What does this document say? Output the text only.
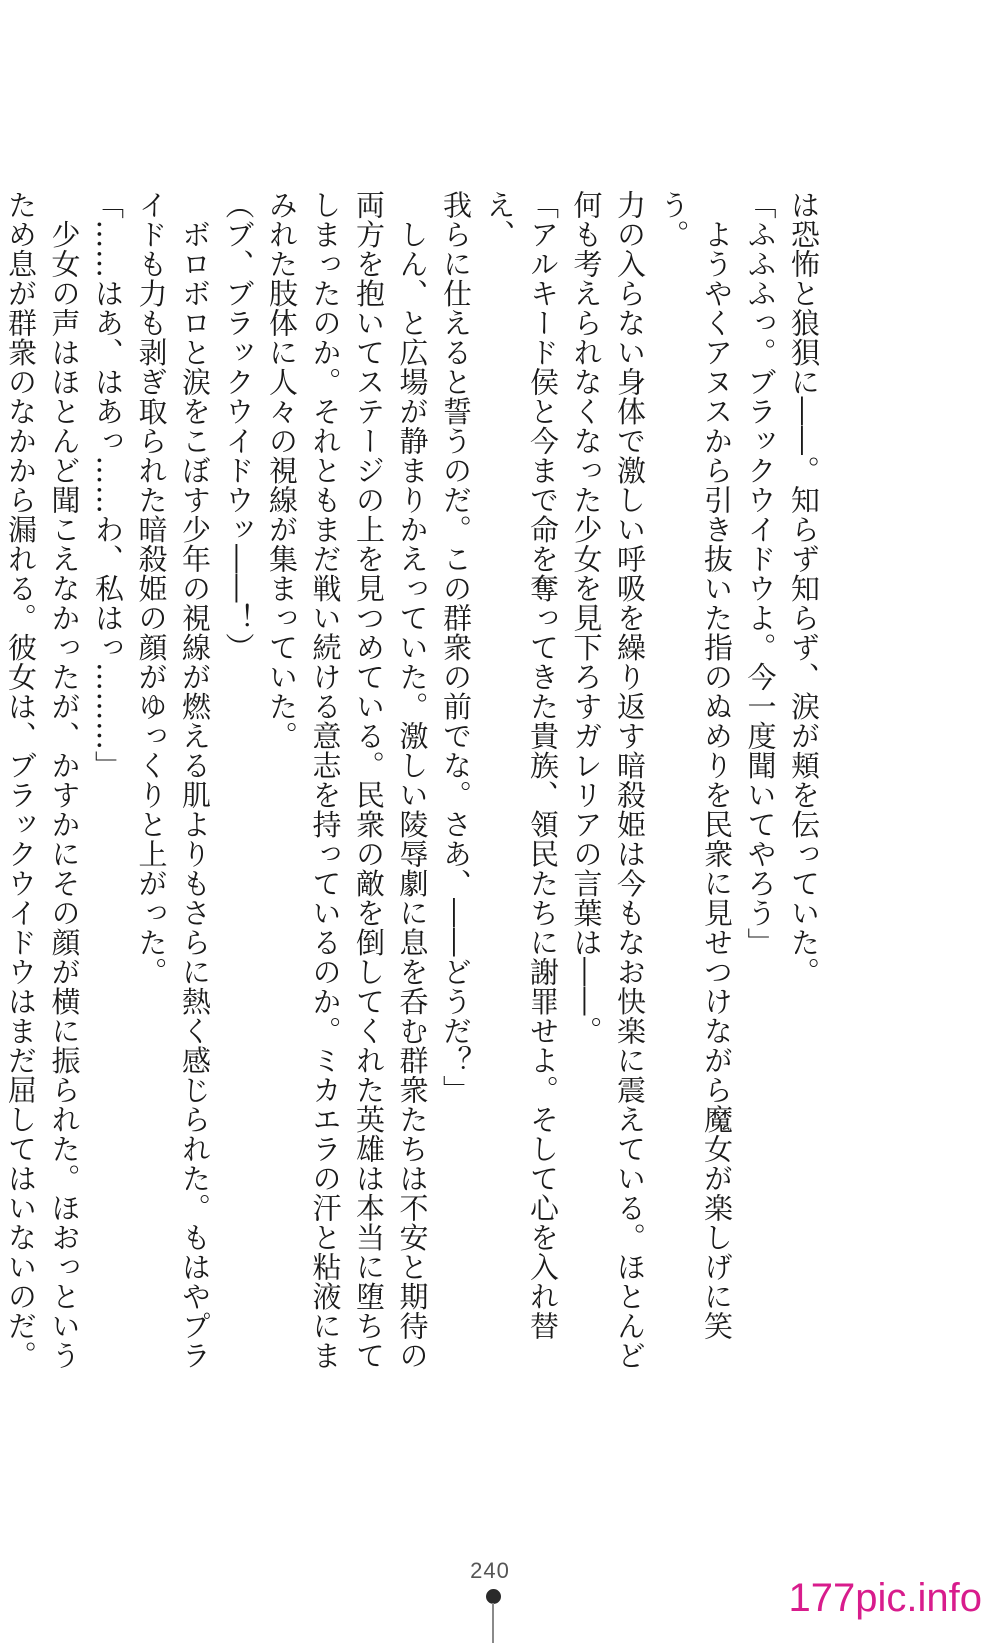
は恐怖と狼狽に――。知らず知らず、涙が頬を伝っていた。

「ふふふっ。ブラックウイドウよ。今一度聞いてやろう」

　ようやくアヌスから引き抜いた指のぬめりを民衆に見せつけながら魔女が楽しげに笑う。

力の入らない身体で激しい呼吸を繰り返す暗殺姫は今もなお快楽に震えている。ほとんど

何も考えられなくなった少女を見下ろすガレリアの言葉は――。

「アルキード侯と今まで命を奪ってきた貴族、領民たちに謝罪せよ。そして心を入れ替え、

我らに仕えると誓うのだ。この群衆の前でな。さあ、――どうだ？」

　しん、と広場が静まりかえっていた。激しい陵辱劇に息を呑む群衆たちは不安と期待の

両方を抱いてステージの上を見つめている。民衆の敵を倒してくれた英雄は本当に堕ちて

しまったのか。それともまだ戦い続ける意志を持っているのか。ミカエラの汗と粘液にま

みれた肢体に人々の視線が集まっていた。

（ブ、ブラックウイドウッ――！）

　ボロボロと涙をこぼす少年の視線が燃える肌よりもさらに熱く感じられた。もはやプラ

イドも力も剥ぎ取られた暗殺姫の顔がゆっくりと上がった。

「……はあ、はあっ……わ、私はっ………」

　少女の声はほとんど聞こえなかったが、かすかにその顔が横に振られた。ほおっという

ため息が群衆のなかから漏れる。彼女は、ブラックウイドウはまだ屈してはいないのだ。

240
177pic.info
